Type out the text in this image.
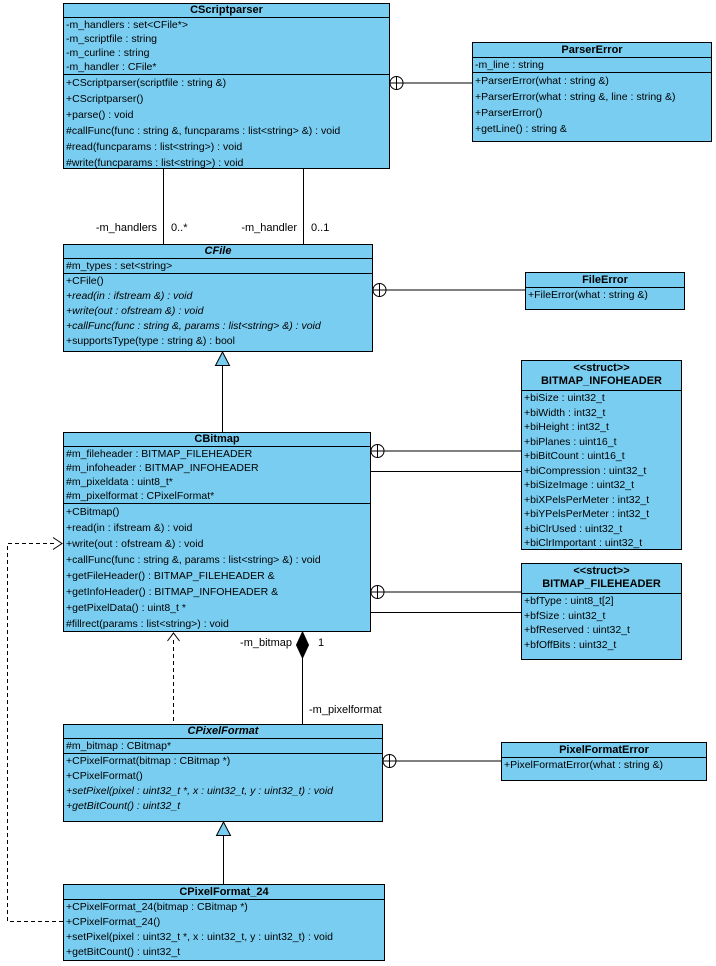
CScriptparser
-m_handlers : set<CFile*>
-m_scriptfile : string
-m_curline : string
-m_handler : CFile*
+CScriptparser(scriptfile : string &)
+CScriptparser()
+parse() : void
#callFunc(func : string &, funcparams : list<string> &) : void
#read(funcparams : list<string>) : void
#write(funcparams : list<string>) : void
ParserError
-m_line : string
+ParserError(what : string &)
+ParserError(what : string &, line : string &)
+ParserError()
+getLine() : string &
CFile
#m_types : set<string>
+CFile()
+read(in : ifstream &) : void
+write(out : ofstream &) : void
+callFunc(func : string &, params : list<string> &) : void
+supportsType(type : string &) : bool
FileError
+FileError(what : string &)
CBitmap
#m_fileheader : BITMAP_FILEHEADER
#m_infoheader : BITMAP_INFOHEADER
#m_pixeldata : uint8_t*
#m_pixelformat : CPixelFormat*
+CBitmap()
+read(in : ifstream &) : void
+write(out : ofstream &) : void
+callFunc(func : string &, params : list<string> &) : void
+getFileHeader() : BITMAP_FILEHEADER &
+getInfoHeader() : BITMAP_INFOHEADER &
+getPixelData() : uint8_t *
#fillrect(params : list<string>) : void
<<struct>>
BITMAP_INFOHEADER
+biSize : uint32_t
+biWidth : int32_t
+biHeight : int32_t
+biPlanes : uint16_t
+biBitCount : uint16_t
+biCompression : uint32_t
+biSizeImage : uint32_t
+biXPelsPerMeter : int32_t
+biYPelsPerMeter : int32_t
+biClrUsed : uint32_t
+biClrImportant : uint32_t
<<struct>>
BITMAP_FILEHEADER
+bfType : uint8_t[2]
+bfSize : uint32_t
+bfReserved : uint32_t
+bfOffBits : uint32_t
CPixelFormat
#m_bitmap : CBitmap*
+CPixelFormat(bitmap : CBitmap *)
+CPixelFormat()
+setPixel(pixel : uint32_t *, x : uint32_t, y : uint32_t) : void
+getBitCount() : uint32_t
PixelFormatError
+PixelFormatError(what : string &)
CPixelFormat_24
+CPixelFormat_24(bitmap : CBitmap *)
+CPixelFormat_24()
+setPixel(pixel : uint32_t *, x : uint32_t, y : uint32_t) : void
+getBitCount() : uint32_t
-m_handlers 0..*	-m_handler 0..1
-m_bitmap 1
-m_pixelformat
